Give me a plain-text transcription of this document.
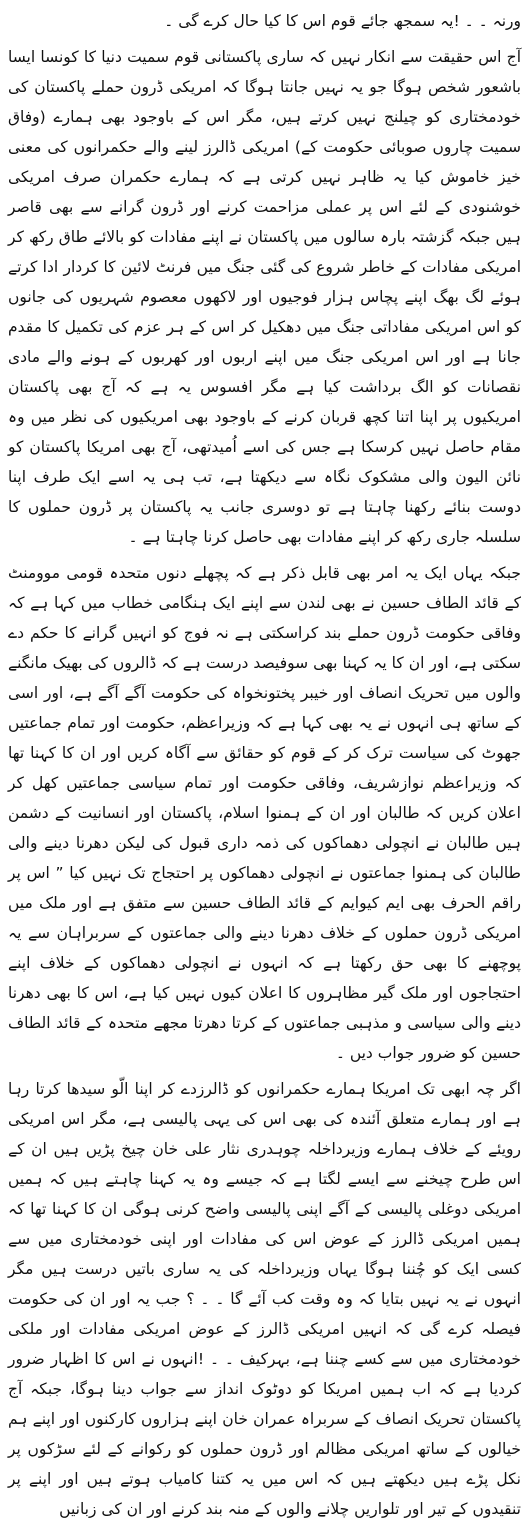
ورنہ ۔ ۔ !یہ سمجھ جائے قوم اس کا کیا حال کرے گی ۔

آج اس حقیقت سے انکار نہیں کہ ساری پاکستانی قوم سمیت دنیا کا کونسا ایسا باشعور شخص ہوگا جو یہ نہیں جانتا ہوگا کہ امریکی ڈرون حملے پاکستان کی خودمختاری کو چیلنج نہیں کرتے ہیں، مگر اس کے باوجود بھی ہمارے (وفاق سمیت چاروں صوبائی حکومت کے) امریکی ڈالرز لینے والے حکمرانوں کی معنی خیز خاموش کیا یہ ظاہر نہیں کرتی ہے کہ ہمارے حکمران صرف امریکی خوشنودی کے لئے اس پر عملی مزاحمت کرنے اور ڈرون گرانے سے بھی قاصر ہیں جبکہ گزشتہ بارہ سالوں میں پاکستان نے اپنے مفادات کو بالائے طاق رکھ کر امریکی مفادات کے خاطر شروع کی گئی جنگ میں فرنٹ لائین کا کردار ادا کرتے ہوئے لگ بھگ اپنے پچاس ہزار فوجیوں اور لاکھوں معصوم شہریوں کی جانوں کو اس امریکی مفاداتی جنگ میں دھکیل کر اس کے ہر عزم کی تکمیل کا مقدم جانا ہے اور اس امریکی جنگ میں اپنے اربوں اور کھربوں کے ہونے والے مادی نقصانات کو الگ برداشت کیا ہے مگر افسوس یہ ہے کہ آج بھی پاکستان امریکیوں پر اپنا اتنا کچھ قربان کرنے کے باوجود بھی امریکیوں کی نظر میں وہ مقام حاصل نہیں کرسکا ہے جس کی اسے اُمیدتھی، آج بھی امریکا پاکستان کو نائن الیون والی مشکوک نگاہ سے دیکھتا ہے، تب ہی یہ اسے ایک طرف اپنا دوست بنائے رکھنا چاہتا ہے تو دوسری جانب یہ پاکستان پر ڈرون حملوں کا سلسلہ جاری رکھ کر اپنے مفادات بھی حاصل کرنا چاہتا ہے ۔

جبکہ یہاں ایک یہ امر بھی قابل ذکر ہے کہ پچھلے دنوں متحدہ قومی موومنٹ کے قائد الطاف حسین نے بھی لندن سے اپنے ایک ہنگامی خطاب میں کہا ہے کہ وفاقی حکومت ڈرون حملے بند کراسکتی ہے نہ فوج کو انہیں گرانے کا حکم دے سکتی ہے، اور ان کا یہ کہنا بھی سوفیصد درست ہے کہ ڈالروں کی بھیک مانگنے والوں میں تحریک انصاف اور خیبر پختونخواہ کی حکومت آگے آگے ہے، اور اسی کے ساتھ ہی انہوں نے یہ بھی کہا ہے کہ وزیراعظم، حکومت اور تمام جماعتیں جھوٹ کی سیاست ترک کر کے قوم کو حقائق سے آگاہ کریں اور ان کا کہنا تھا کہ وزیراعظم نوازشریف، وفاقی حکومت اور تمام سیاسی جماعتیں کھل کر اعلان کریں کہ طالبان اور ان کے ہمنوا اسلام، پاکستان اور انسانیت کے دشمن ہیں طالبان نے انچولی دھماکوں کی ذمہ داری قبول کی لیکن دھرنا دینے والی طالبان کی ہمنوا جماعتوں نے انچولی دھماکوں پر احتجاج تک نہیں کیا ” اس پر راقم الحرف بھی ایم کیوایم کے قائد الطاف حسین سے متفق ہے اور ملک میں امریکی ڈرون حملوں کے خلاف دھرنا دینے والی جماعتوں کے سربراہان سے یہ پوچھنے کا بھی حق رکھتا ہے کہ انہوں نے انچولی دھماکوں کے خلاف اپنے احتجاجوں اور ملک گیر مظاہروں کا اعلان کیوں نہیں کیا ہے، اس کا بھی دھرنا دینے والی سیاسی و مذہبی جماعتوں کے کرتا دھرتا مجھے متحدہ کے قائد الطاف حسین کو ضرور جواب دیں ۔

اگر چہ ابھی تک امریکا ہمارے حکمرانوں کو ڈالرزدے کر اپنا الّو سیدھا کرتا رہا ہے اور ہمارے متعلق آئندہ کی بھی اس کی یہی پالیسی ہے، مگر اس امریکی رویئے کے خلاف ہمارے وزیرداخلہ چوہدری نثار علی خان چیخ پڑیں ہیں ان کے اس طرح چیخنے سے ایسے لگتا ہے کہ جیسے وہ یہ کہنا چاہتے ہیں کہ ہمیں امریکی دوغلی پالیسی کے آگے اپنی پالیسی واضح کرنی ہوگی ان کا کہنا تھا کہ ہمیں امریکی ڈالرز کے عوض اس کی مفادات اور اپنی خودمختاری میں سے کسی ایک کو چُننا ہوگا یہاں وزیرداخلہ کی یہ ساری باتیں درست ہیں مگر انہوں نے یہ نہیں بتایا کہ وہ وقت کب آئے گا ۔ ۔ ؟ جب یہ اور ان کی حکومت فیصلہ کرے گی کہ انہیں امریکی ڈالرز کے عوض امریکی مفادات اور ملکی خودمختاری میں سے کسے چننا ہے، بہرکیف ۔ ۔ !انہوں نے اس کا اظہار ضرور کردیا ہے کہ اب ہمیں امریکا کو دوٹوک انداز سے جواب دینا ہوگا، جبکہ آج پاکستان تحریک انصاف کے سربراہ عمران خان اپنے ہزاروں کارکنوں اور اپنے ہم خیالوں کے ساتھ امریکی مظالم اور ڈرون حملوں کو رکوانے کے لئے سڑکوں پر نکل پڑے ہیں دیکھتے ہیں کہ اس میں یہ کتنا کامیاب ہوتے ہیں اور اپنے پر تنقیدوں کے تیر اور تلواریں چلانے والوں کے منہ بند کرنے اور ان کی زبانیں
